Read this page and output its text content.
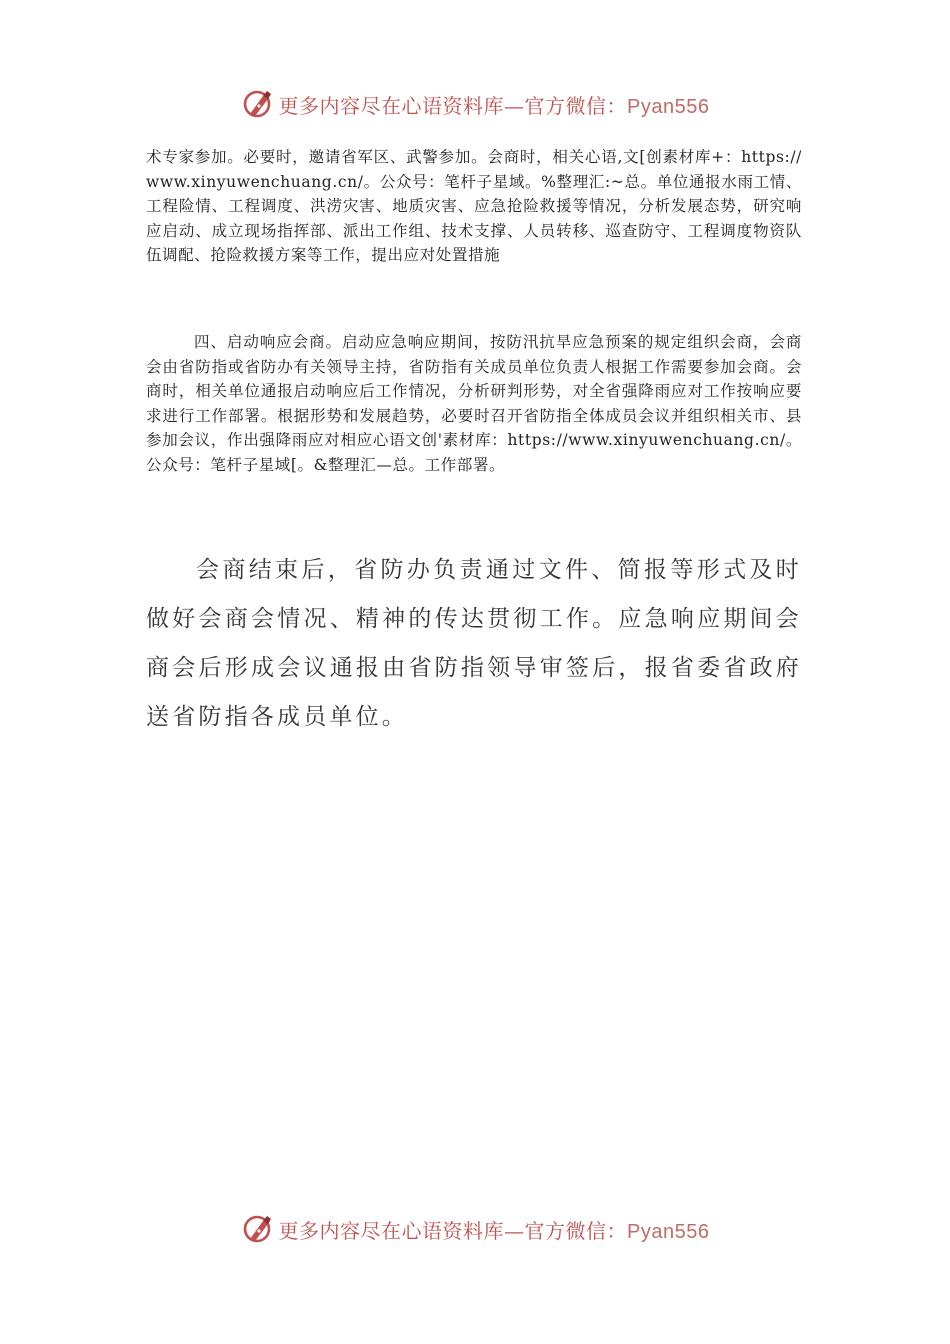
更多内容尽在心语资料库—官方微信：Pyan556
术专家参加。必要时，邀请省军区、武警参加。会商时，相关心语,文[创素材库+：https://www.xinyuwenchuang.cn/。公众号：笔杆子星域。%整理汇:~总。单位通报水雨工情、工程险情、工程调度、洪涝灾害、地质灾害、应急抢险救援等情况，分析发展态势，研究响应启动、成立现场指挥部、派出工作组、技术支撑、人员转移、巡查防守、工程调度物资队伍调配、抢险救援方案等工作，提出应对处置措施
四、启动响应会商。启动应急响应期间，按防汛抗旱应急预案的规定组织会商，会商会由省防指或省防办有关领导主持，省防指有关成员单位负责人根据工作需要参加会商。会商时，相关单位通报启动响应后工作情况，分析研判形势，对全省强降雨应对工作按响应要求进行工作部署。根据形势和发展趋势，必要时召开省防指全体成员会议并组织相关市、县参加会议，作出强降雨应对相应心语文创'素材库：https://www.xinyuwenchuang.cn/。公众号：笔杆子星域[。&整理汇—总。工作部署。
会商结束后，省防办负责通过文件、简报等形式及时做好会商会情况、精神的传达贯彻工作。应急响应期间会商会后形成会议通报由省防指领导审签后，报省委省政府送省防指各成员单位。
更多内容尽在心语资料库—官方微信：Pyan556
